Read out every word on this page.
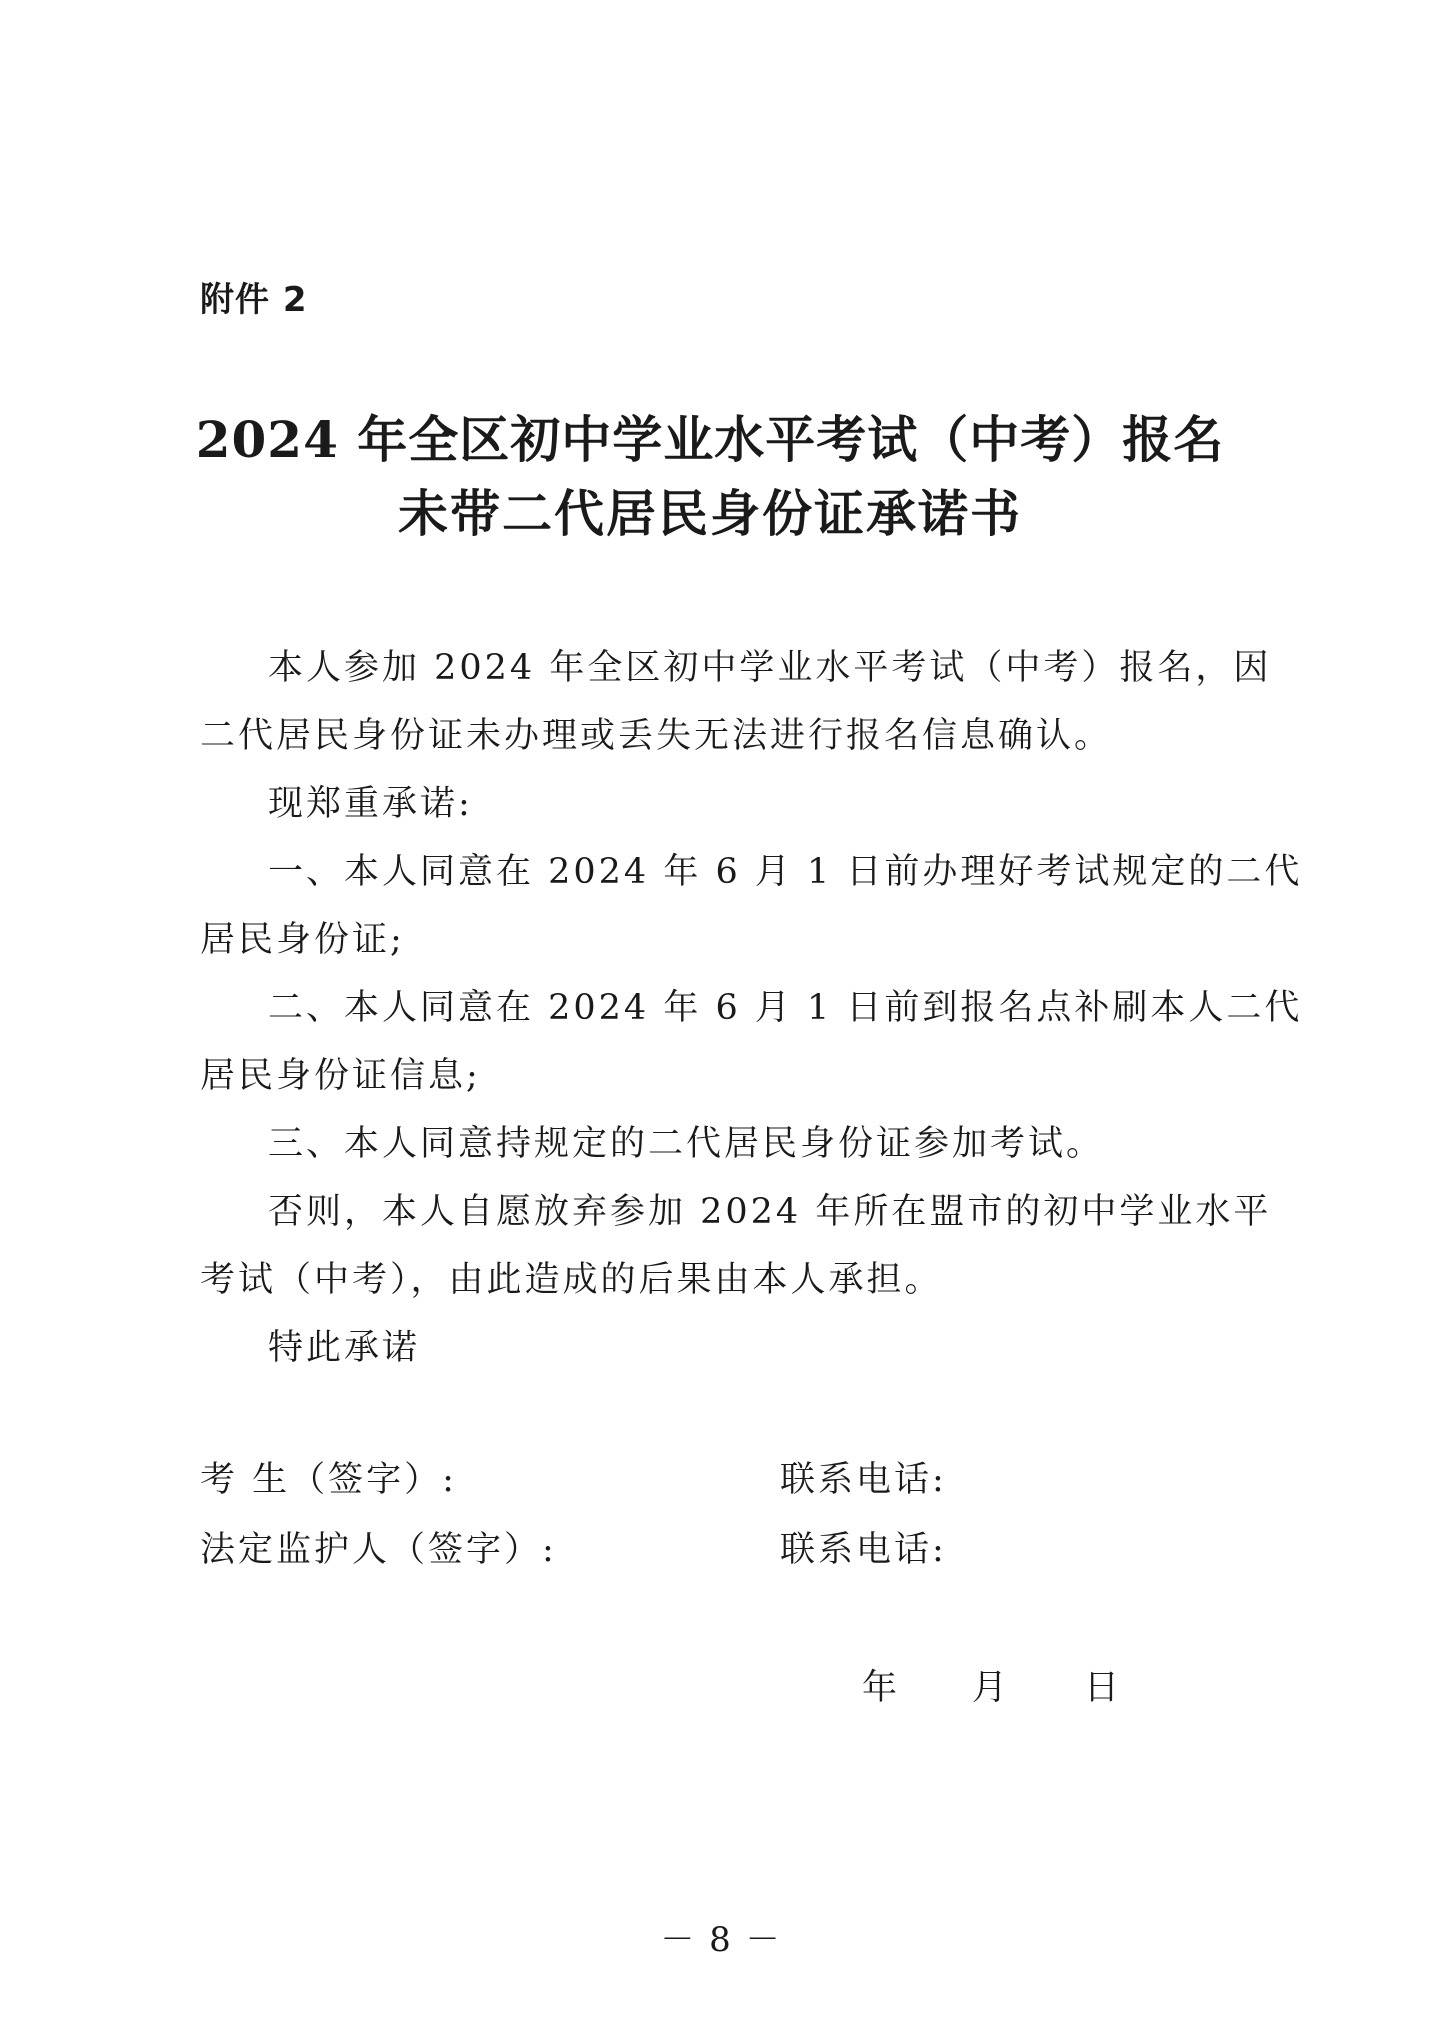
附件 2
2024 年全区初中学业水平考试（中考）报名
未带二代居民身份证承诺书
本人参加 2024 年全区初中学业水平考试（中考）报名，因
二代居民身份证未办理或丢失无法进行报名信息确认。
现郑重承诺:
一、本人同意在 2024 年 6 月 1 日前办理好考试规定的二代
居民身份证;
二、本人同意在 2024 年 6 月 1 日前到报名点补刷本人二代
居民身份证信息;
三、本人同意持规定的二代居民身份证参加考试。
否则，本人自愿放弃参加 2024 年所在盟市的初中学业水平
考试（中考），由此造成的后果由本人承担。
特此承诺
考 生（签字）:	联系电话:
法定监护人（签字）:	联系电话:
年 月 日
－ 8 －
